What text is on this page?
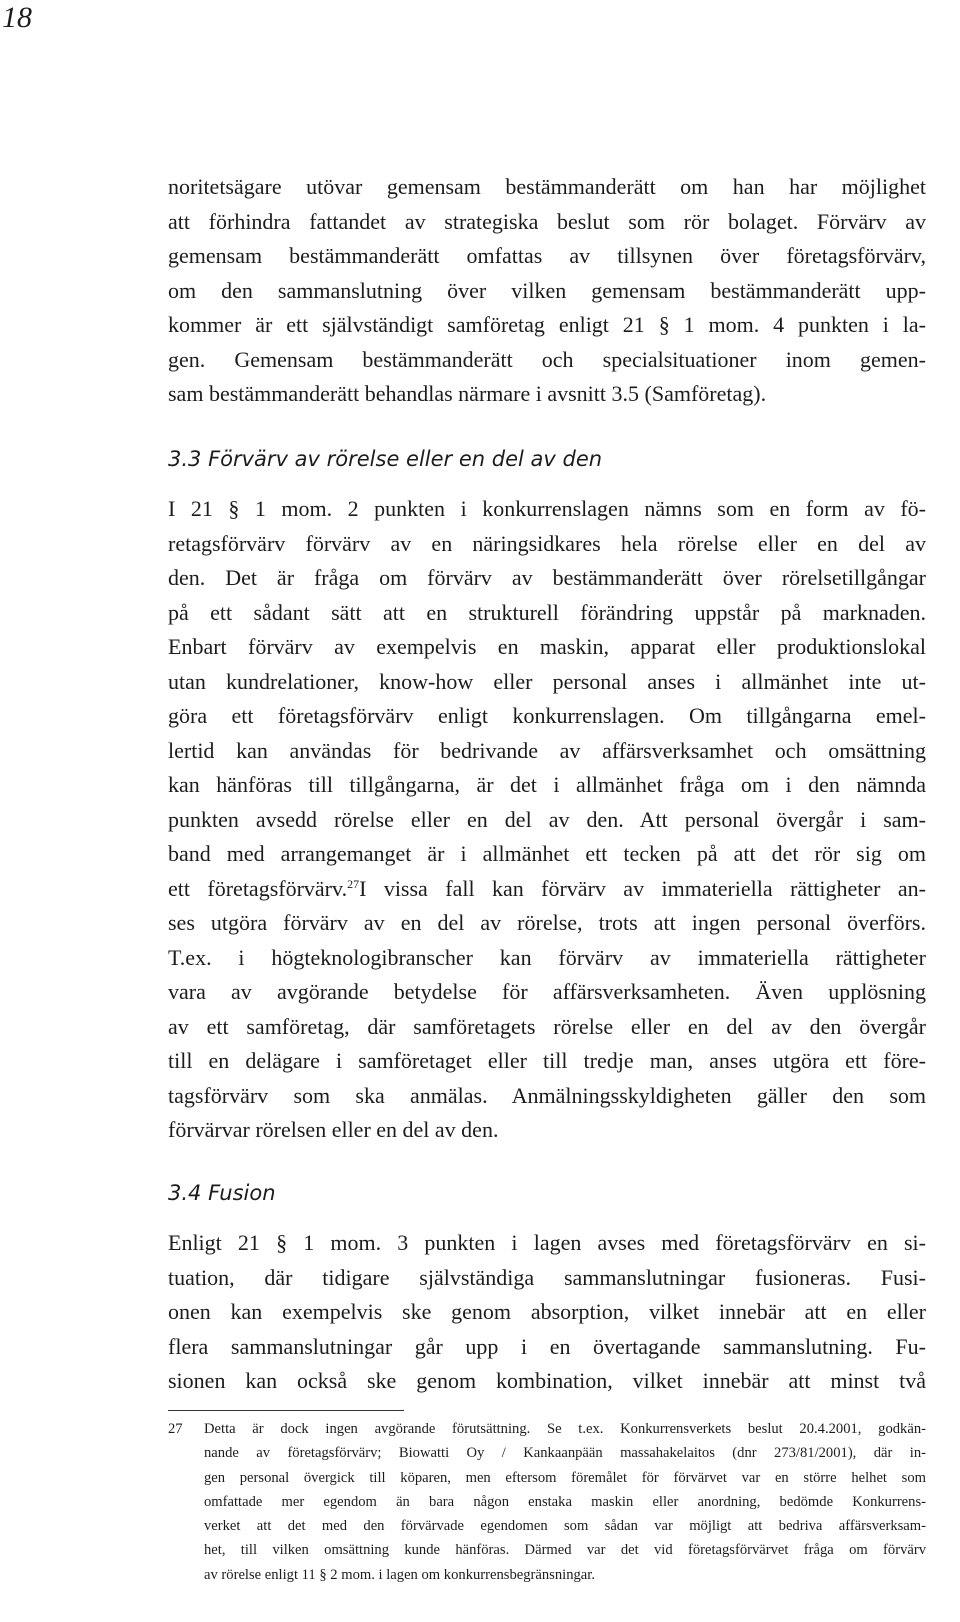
18
noritetsägare utövar gemensam bestämmanderätt om han har möjlighet
att förhindra fattandet av strategiska beslut som rör bolaget. Förvärv av
gemensam bestämmanderätt omfattas av tillsynen över företagsförvärv,
om den sammanslutning över vilken gemensam bestämmanderätt upp-
kommer är ett självständigt samföretag enligt 21 § 1 mom. 4 punkten i la-
gen. Gemensam bestämmanderätt och specialsituationer inom gemen-
sam bestämmanderätt behandlas närmare i avsnitt 3.5 (Samföretag).
3.3 Förvärv av rörelse eller en del av den
I 21 § 1 mom. 2 punkten i konkurrenslagen nämns som en form av fö-
retagsförvärv förvärv av en näringsidkares hela rörelse eller en del av
den. Det är fråga om förvärv av bestämmanderätt över rörelsetillgångar
på ett sådant sätt att en strukturell förändring uppstår på marknaden.
Enbart förvärv av exempelvis en maskin, apparat eller produktionslokal
utan kundrelationer, know-how eller personal anses i allmänhet inte ut-
göra ett företagsförvärv enligt konkurrenslagen. Om tillgångarna emel-
lertid kan användas för bedrivande av affärsverksamhet och omsättning
kan hänföras till tillgångarna, är det i allmänhet fråga om i den nämnda
punkten avsedd rörelse eller en del av den. Att personal övergår i sam-
band med arrangemanget är i allmänhet ett tecken på att det rör sig om
ett företagsförvärv.$^{27}$I vissa fall kan förvärv av immateriella rättigheter an-
ses utgöra förvärv av en del av rörelse, trots att ingen personal överförs.
T.ex. i högteknologibranscher kan förvärv av immateriella rättigheter
vara av avgörande betydelse för affärsverksamheten. Även upplösning
av ett samföretag, där samföretagets rörelse eller en del av den övergår
till en delägare i samföretaget eller till tredje man, anses utgöra ett före-
tagsförvärv som ska anmälas. Anmälningsskyldigheten gäller den som
förvärvar rörelsen eller en del av den.
3.4 Fusion
Enligt 21 § 1 mom. 3 punkten i lagen avses med företagsförvärv en si-
tuation, där tidigare självständiga sammanslutningar fusioneras. Fusi-
onen kan exempelvis ske genom absorption, vilket innebär att en eller
flera sammanslutningar går upp i en övertagande sammanslutning. Fu-
sionen kan också ske genom kombination, vilket innebär att minst två
27 Detta är dock ingen avgörande förutsättning. Se t.ex. Konkurrensverkets beslut 20.4.2001, godkän-
nande av företagsförvärv; Biowatti Oy / Kankaanpään massahakelaitos (dnr 273/81/2001), där in-
gen personal övergick till köparen, men eftersom föremålet för förvärvet var en större helhet som
omfattade mer egendom än bara någon enstaka maskin eller anordning, bedömde Konkurrens-
verket att det med den förvärvade egendomen som sådan var möjligt att bedriva affärsverksam-
het, till vilken omsättning kunde hänföras. Därmed var det vid företagsförvärvet fråga om förvärv
av rörelse enligt 11 § 2 mom. i lagen om konkurrensbegränsningar.
